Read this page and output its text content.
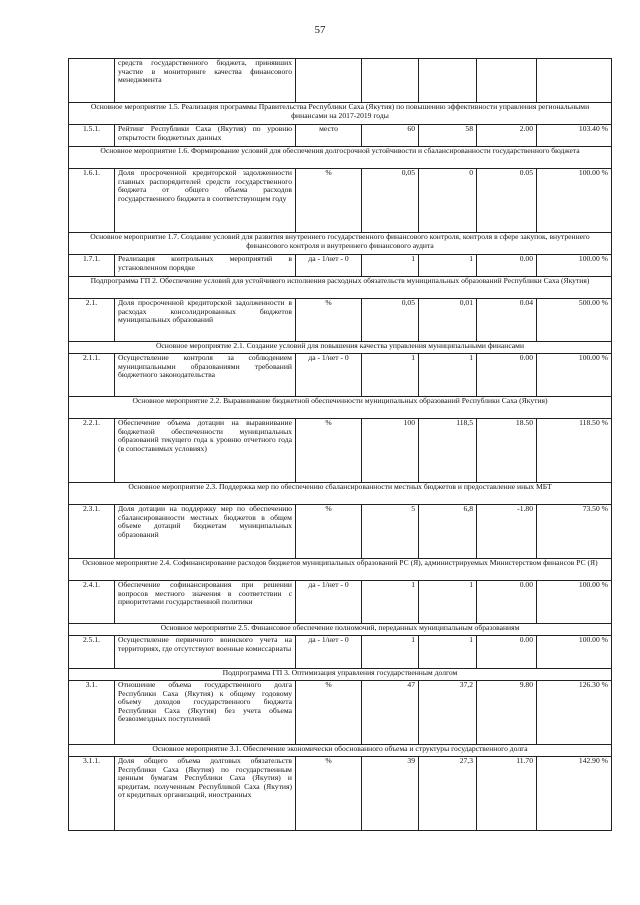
57
	средств государственного бюджета, принявших участие в мониторинге качества финансового менеджмента					
Основное мероприятие 1.5. Реализация программы Правительства Республики Саха (Якутия) по повышению эффективности управления региональными финансами на 2017-2019 годы						
1.5.1.	Рейтинг Республики Саха (Якутия) по уровню открытости бюджетных данных	место	60	58	2.00	103.40 %
Основное мероприятие 1.6. Формирование условий для обеспечения долгосрочной устойчивости и сбалансированности государственного бюджета						
1.6.1.	Доля просроченной кредиторской задолженности главных распорядителей средств государственного бюджета от общего объема расходов государственного бюджета в соответствующем году	%	0,05	0	0.05	100.00 %
Основное мероприятие 1.7. Создание условий для развития внутреннего государственного финансового контроля, контроля в сфере закупок, внутреннего финансового контроля и внутреннего финансового аудита						
1.7.1.	Реализация контрольных мероприятий в установленном порядке	да - 1/нет - 0	1	1	0.00	100.00 %
Подпрограмма ГП 2. Обеспечение условий для устойчивого исполнения расходных обязательств муниципальных образований Республики Саха (Якутия)						
2.1.	Доля просроченной кредиторской задолженности в расходах консолидированных бюджетов муниципальных образований	%	0,05	0,01	0.04	500.00 %
Основное мероприятие 2.1. Создание условий для повышения качества управления муниципальными финансами						
2.1.1.	Осуществление контроля за соблюдением муниципальными образованиями требований бюджетного законодательства	да - 1/нет - 0	1	1	0.00	100.00 %
Основное мероприятие 2.2. Выравнивание бюджетной обеспеченности муниципальных образований Республики Саха (Якутия)						
2.2.1.	Обеспечение объема дотации на выравнивание бюджетной обеспеченности муниципальных образований текущего года к уровню отчетного года (в сопоставимых условиях)	%	100	118,5	18.50	118.50 %
Основное мероприятие 2.3. Поддержка мер по обеспечению сбалансированности местных бюджетов и предоставление иных МБТ						
2.3.1.	Доля дотации на поддержку мер по обеспечению сбалансированности местных бюджетов в общем объеме дотаций бюджетам муниципальных образований	%	5	6,8	-1.80	73.50 %
Основное мероприятие 2.4. Софинансирование расходов бюджетов муниципальных образований РС (Я), администрируемых Министерством финансов РС (Я)						
2.4.1.	Обеспечение софинансирования при решении вопросов местного значения в соответствии с приоритетами государственной политики	да - 1/нет - 0	1	1	0.00	100.00 %
Основное мероприятие 2.5. Финансовое обеспечение полномочий, переданных муниципальным образованиям						
2.5.1.	Осуществление первичного воинского учета на территориях, где отсутствуют военные комиссариаты	да - 1/нет - 0	1	1	0.00	100.00 %
Подпрограмма ГП 3. Оптимизация управления государственным долгом						
3.1.	Отношение объема государственного долга Республики Саха (Якутия) к общему годовому объему доходов государственного бюджета Республики Саха (Якутия) без учета объема безвозмездных поступлений	%	47	37,2	9.80	126.30 %
Основное мероприятие 3.1. Обеспечение экономически обоснованного объема и структуры государственного долга						
3.1.1.	Доля общего объема долговых обязательств Республики Саха (Якутия) по государственным ценным бумагам Республики Саха (Якутия) и кредитам, полученным Республикой Саха (Якутия) от кредитных организаций, иностранных	%	39	27,3	11.70	142.90 %
